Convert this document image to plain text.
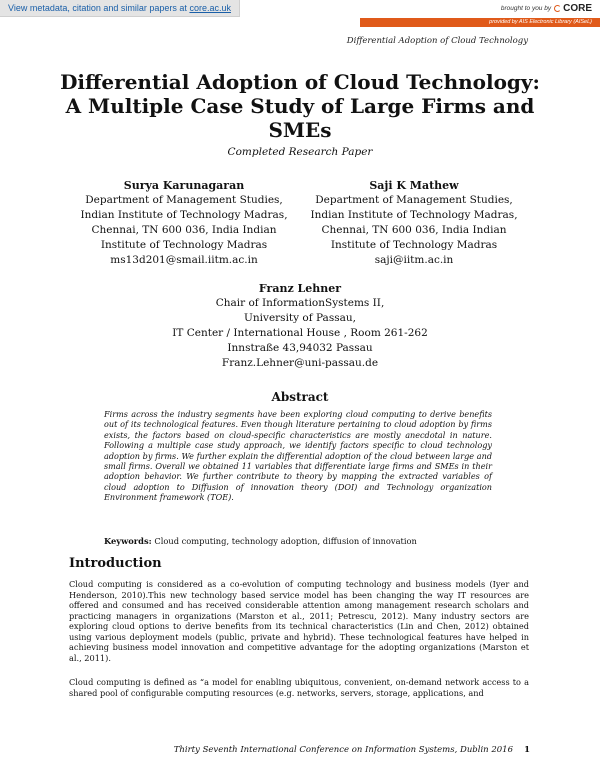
View metadata, citation and similar papers at core.ac.uk	brought to you by CORE
provided by AIS Electronic Library (AISeL)
Differential Adoption of Cloud Technology
Differential Adoption of Cloud Technology: A Multiple Case Study of Large Firms and SMEs
Completed Research Paper
Surya Karunagaran
Department of Management Studies,
Indian Institute of Technology Madras,
Chennai, TN 600 036, India Indian
Institute of Technology Madras
ms13d201@smail.iitm.ac.in
Saji K Mathew
Department of Management Studies,
Indian Institute of Technology Madras,
Chennai, TN 600 036, India Indian
Institute of Technology Madras
saji@iitm.ac.in
Franz Lehner
Chair of InformationSystems II,
University of Passau,
IT Center / International House , Room 261-262
Innstraße 43,94032 Passau
Franz.Lehner@uni-passau.de
Abstract
Firms across the industry segments have been exploring cloud computing to derive benefits out of its technological features. Even though literature pertaining to cloud adoption by firms exists, the factors based on cloud-specific characteristics are mostly anecdotal in nature. Following a multiple case study approach, we identify factors specific to cloud technology adoption by firms. We further explain the differential adoption of the cloud between large and small firms. Overall we obtained 11 variables that differentiate large firms and SMEs in their adoption behavior. We further contribute to theory by mapping the extracted variables of cloud adoption to Diffusion of innovation theory (DOI) and Technology organization Environment framework (TOE).
Keywords: Cloud computing, technology adoption, diffusion of innovation
Introduction
Cloud computing is considered as a co-evolution of computing technology and business models (Iyer and Henderson, 2010).This new technology based service model has been changing the way IT resources are offered and consumed and has received considerable attention among management research scholars and practicing managers in organizations (Marston et al., 2011; Petrescu, 2012). Many industry sectors are exploring cloud options to derive benefits from its technical characteristics (Lin and Chen, 2012) obtained using various deployment models (public, private and hybrid). These technological features have helped in achieving business model innovation and competitive advantage for the adopting organizations (Marston et al., 2011).
Cloud computing is defined as “a model for enabling ubiquitous, convenient, on-demand network access to a shared pool of configurable computing resources (e.g. networks, servers, storage, applications, and
Thirty Seventh International Conference on Information Systems, Dublin 2016 1
